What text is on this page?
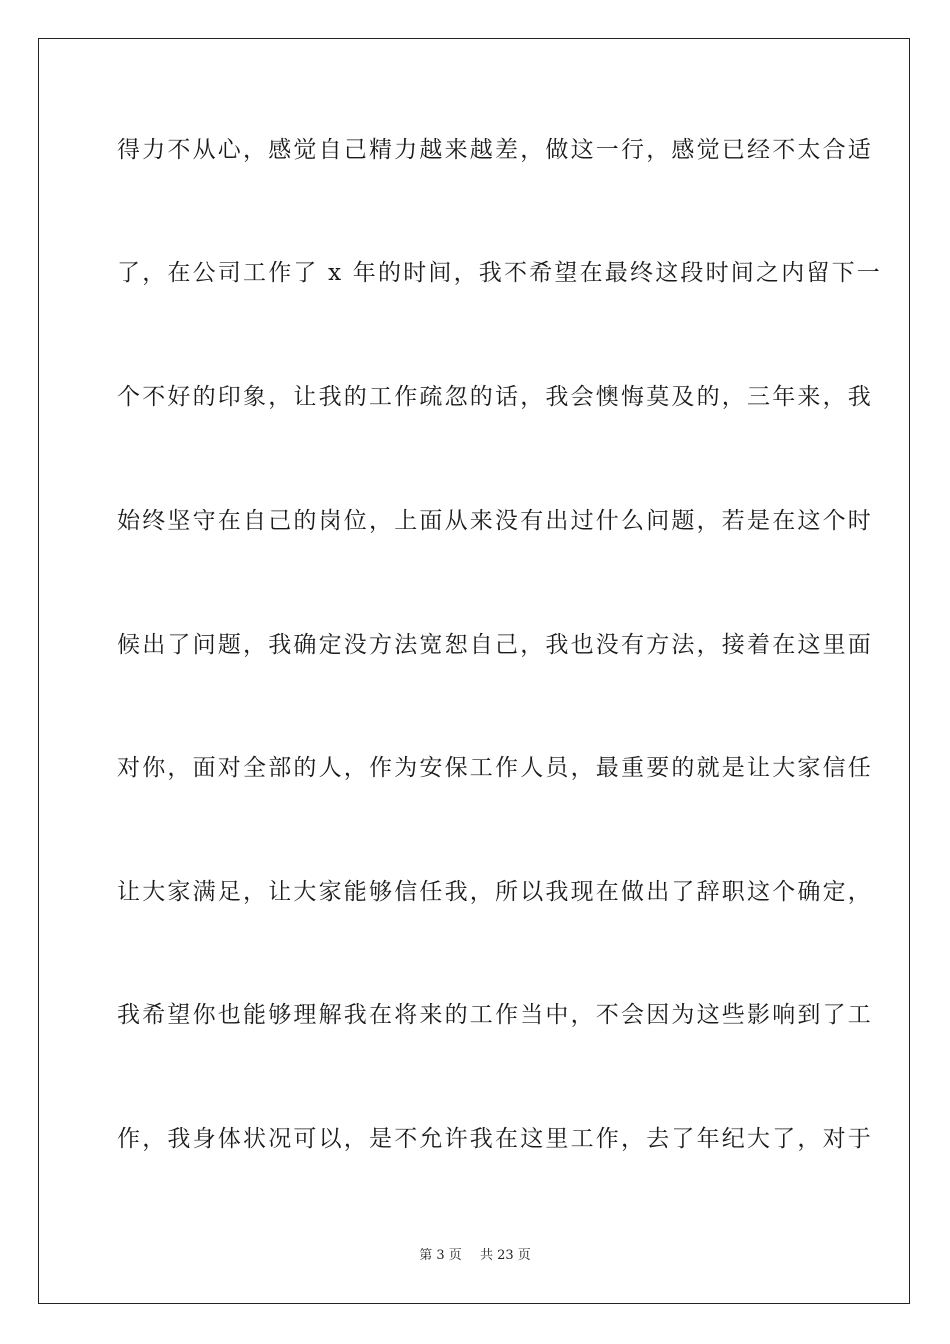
得力不从心，感觉自己精力越来越差，做这一行，感觉已经不太合适
了，在公司工作了 x 年的时间，我不希望在最终这段时间之内留下一
个不好的印象，让我的工作疏忽的话，我会懊悔莫及的，三年来，我
始终坚守在自己的岗位，上面从来没有出过什么问题，若是在这个时
候出了问题，我确定没方法宽恕自己，我也没有方法，接着在这里面
对你，面对全部的人，作为安保工作人员，最重要的就是让大家信任
让大家满足，让大家能够信任我，所以我现在做出了辞职这个确定，
我希望你也能够理解我在将来的工作当中，不会因为这些影响到了工
作，我身体状况可以，是不允许我在这里工作，去了年纪大了，对于
第 3 页 共 23 页
